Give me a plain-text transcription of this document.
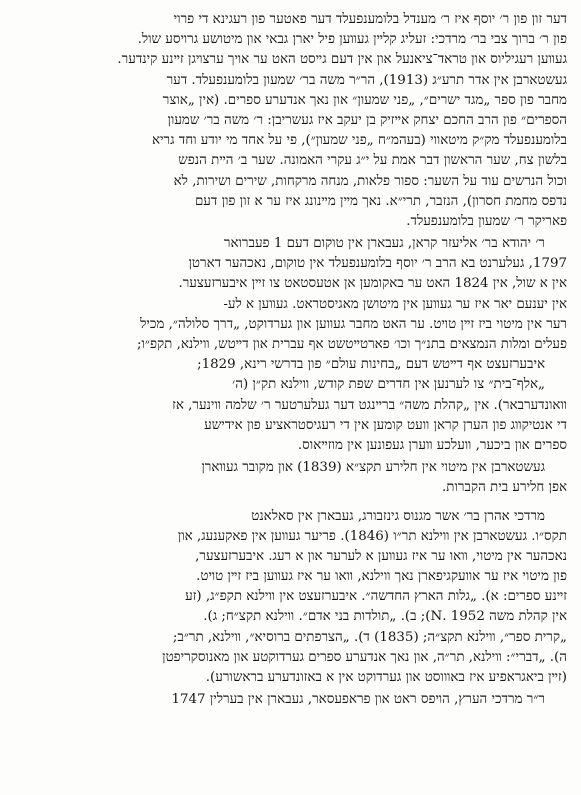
דער זון פון ר׳ יוסף איז ר׳ מענדל בלומענפעלד דער פאטער פון רעגינא די פרוי
פון ר׳ ברוך צבי בר׳ מרדכי: זעליג קלײן געװען פיל יארן גבאי און מיטושע גרױסע שול.
געװען רעגיליוס און טראד־ציאנעל און אין דעם גײסט האט ער אױך ערצױגן זײנע קינדער.
געשטארבן אין אדר תרע״ג (1913), הר״ר משה בר׳ שמעון בלומענפעלד. דער
מחבר פון ספר „מגד ישרים״, „פני שמעון״ און נאך אנדערע ספרים. (אין „אוצר
הספרים״ פון הרב החכם יצחק אײזיק בן יעקב איז געשריבן: ר׳ משה בר׳ שמעון
בלומענפעלד מק״ק מיטאװי (בעהמ״ח „פני שמעון״), פי על אחד מי יודע וחד גריא
בלשון צח, שער הראשון דבר אמת על י״ג עקרי האמונה. שער ב׳ הײת הנפש
וכול הנרשים עוד על השער: ספור פלאות, מנחה מרקחות, שירים ושירות, לא
נדפס מחמת חסרון), הנזבר, תרי״א. נאך מײן מײנונג איז ער א זון פון דעם
פאריקר ר׳ שמעון בלומענפעלד.
ר׳ יהודא בר׳ אליעזר קראן, געבארן אין טוקום דעם 1 פעברואר
1797, געלערנט בא הרב ר׳ יוסף בלומענפעלד אין טוקום, נאכהער דארטן
אין א שול, אין 1824 האט ער באקומען אן אטעסטאט צו זײן איבערזעצער.
אין יענעם יאר איז ער געװען אין מיטושן מאגיסטראט. געװען א לע-
רער אין מיטוי ביז זײן טױט. ער האט מחבר געװען און גערדוקט, „דרך סלולה״, מכיל
פעלים ומלות הנמצאים בתנ״ך וכו׳ פארטײטשט אף עברית און דײטש, װילנא, תקפ״ו;
איבערזעצט אף דײטש דעם „בחינות עולם״ פון בדרשי רינא, 1829;
„אלף־בית״ צו לערנען אין חדרים שפת קודש, װילנא תק״ן (ה׳
װאונדערבאר). אין „קהלת משה״ ברײנגט דער געלערטער ר׳ שלמה װינער, אז
די אנטיקװג פון הערן קראן װעט קומען אין די רעגיסטראציע פון אידישע
ספרים און ביכער, װעלכע װערן געפונען אין מוזײאוס.
געשטארבן אין מיטוי אין חלירע תקצ״א (1839) און מקובר געװארן
אפן חלירע בית הקברות.
מרדכי אהרן בר׳ אשר מגנוס גינזבורג, געבארן אין סאלאנט
תקס״ו. געשטארבן אין װילנא תר״ו (1846). פריער געװען אין פאקענעג, און
נאכהער אין מיטוי, װאו ער איז געװען א לערער און א רעג. איבערזעצער,
פון מיטוי איז ער אװעקגיפארן נאך װילנא, װאו ער איז געװען ביז זײן טױט.
זײנע ספרים: א). „גלות הארץ החדשה״. איבערזעצט אין װילנא תקפ״ג, (זע
אין קהלת משה 1952 .N); ב). „תולדות בני אדם״. װילנא תקצ״ח; ג).
„קרית ספר״, װילנא תקצ״ה; (1835) ד). „הצרפתים ברוסיא״, װילנא, תר״ב;
ה). „דברי״: װילנא, תר״ה, און נאך אנדערע ספרים גערדוקטע און מאנוסקריפטן
(זײן ביאגראפיע איז באװוסט און גערדוקט אין א באזונדערע בראשורע).
ר״ר מרדכי הערץ, הױפס ראט און פראפעסאר, געבארן אין בערלין 1747
